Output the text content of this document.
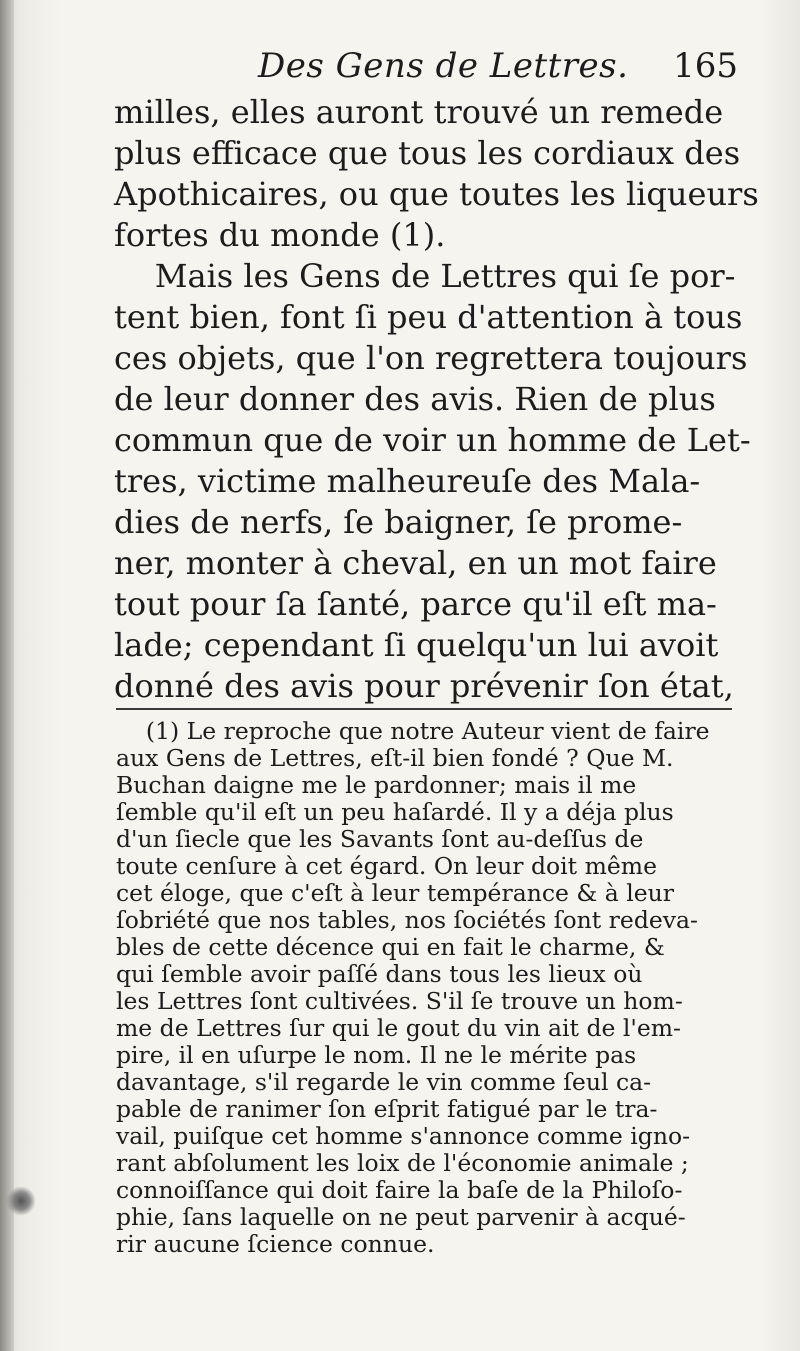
Des Gens de Lettres. 165
milles, elles auront trouvé un remede
plus efficace que tous les cordiaux des
Apothicaires, ou que toutes les liqueurs
fortes du monde (1).
Mais les Gens de Lettres qui ſe por-
tent bien, font ſi peu d'attention à tous
ces objets, que l'on regrettera toujours
de leur donner des avis. Rien de plus
commun que de voir un homme de Let-
tres, victime malheureuſe des Mala-
dies de nerfs, ſe baigner, ſe prome-
ner, monter à cheval, en un mot faire
tout pour ſa ſanté, parce qu'il eſt ma-
lade; cependant ſi quelqu'un lui avoit
donné des avis pour prévenir ſon état,
(1) Le reproche que notre Auteur vient de faire
aux Gens de Lettres, eſt-il bien fondé ? Que M.
Buchan daigne me le pardonner; mais il me
ſemble qu'il eſt un peu haſardé. Il y a déja plus
d'un ſiecle que les Savants ſont au-deſſus de
toute cenſure à cet égard. On leur doit même
cet éloge, que c'eſt à leur tempérance & à leur
ſobriété que nos tables, nos ſociétés ſont redeva-
bles de cette décence qui en fait le charme, &
qui ſemble avoir paſſé dans tous les lieux où
les Lettres ſont cultivées. S'il ſe trouve un hom-
me de Lettres ſur qui le gout du vin ait de l'em-
pire, il en uſurpe le nom. Il ne le mérite pas
davantage, s'il regarde le vin comme ſeul ca-
pable de ranimer ſon eſprit fatigué par le tra-
vail, puiſque cet homme s'annonce comme igno-
rant abſolument les loix de l'économie animale ;
connoiſſance qui doit faire la baſe de la Philoſo-
phie, ſans laquelle on ne peut parvenir à acqué-
rir aucune ſcience connue.
